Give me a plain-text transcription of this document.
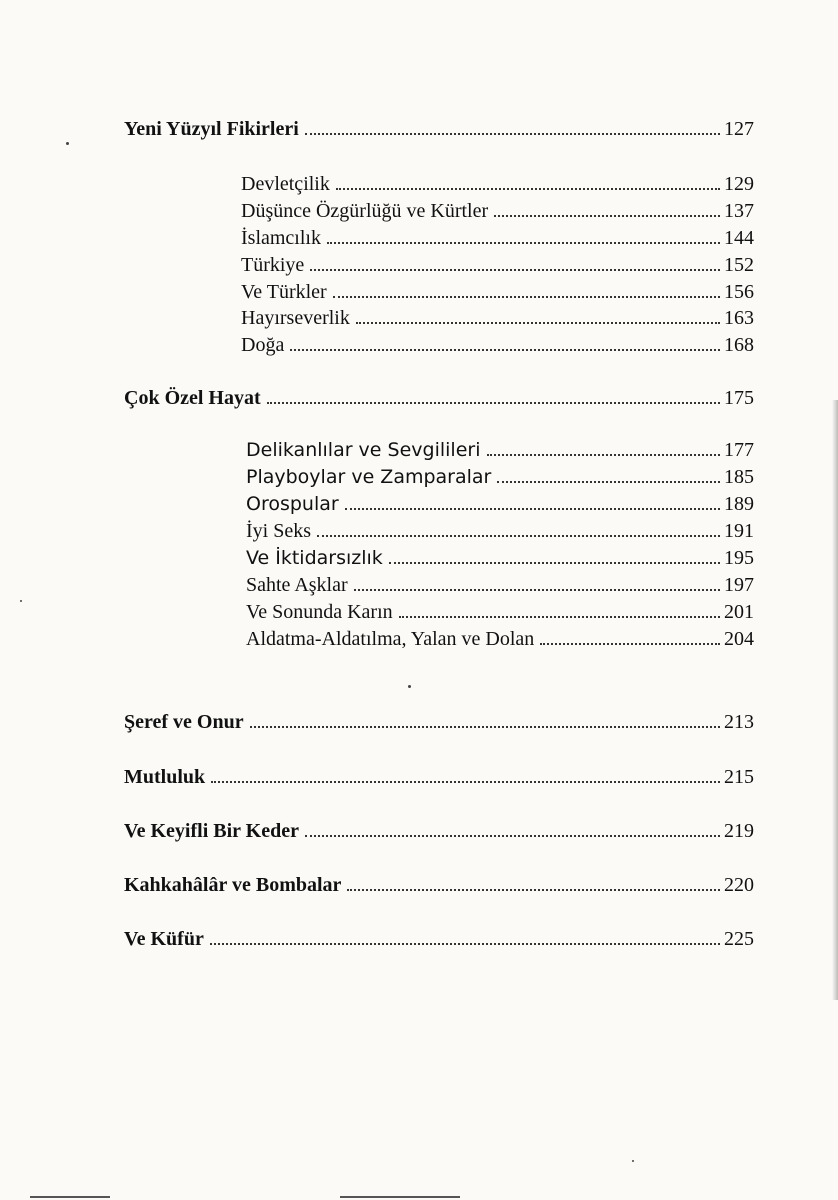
Yeni Yüzyıl Fikirleri	127
Devletçilik	129
Düşünce Özgürlüğü ve Kürtler	137
İslamcılık	144
Türkiye	152
Ve Türkler	156
Hayırseverlik	163
Doğa	168
Çok Özel Hayat	175
Delikanlılar ve Sevgilileri	177
Playboylar ve Zamparalar	185
Orospular	189
İyi Seks	191
Ve İktidarsızlık	195
Sahte Aşklar	197
Ve Sonunda Karın	201
Aldatma-Aldatılma, Yalan ve Dolan	204
Şeref ve Onur	213
Mutluluk	215
Ve Keyifli Bir Keder	219
Kahkahâlâr ve Bombalar	220
Ve Küfür	225
